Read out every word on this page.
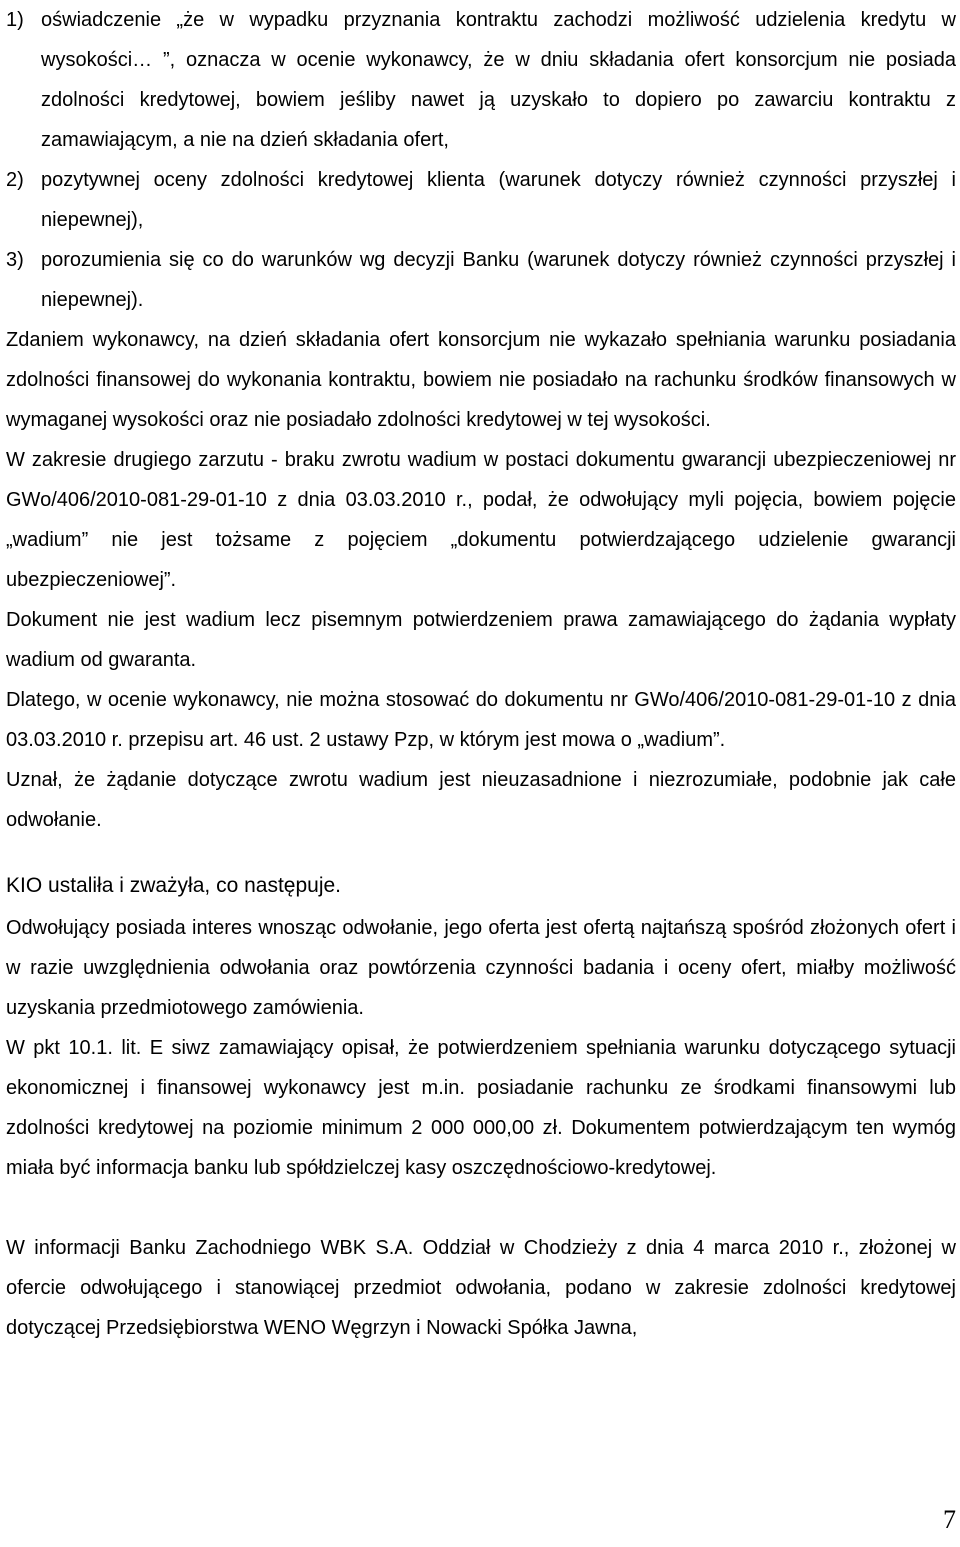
1) oświadczenie „że w wypadku przyznania kontraktu zachodzi możliwość udzielenia kredytu w wysokości… ”, oznacza w ocenie wykonawcy, że w dniu składania ofert konsorcjum nie posiada zdolności kredytowej, bowiem jeśliby nawet ją uzyskało to dopiero po zawarciu kontraktu z zamawiającym, a nie na dzień składania ofert,
2) pozytywnej oceny zdolności kredytowej klienta (warunek dotyczy również czynności przyszłej i niepewnej),
3) porozumienia się co do warunków wg decyzji Banku (warunek dotyczy również czynności przyszłej i niepewnej).

Zdaniem wykonawcy, na dzień składania ofert konsorcjum nie wykazało spełniania warunku posiadania zdolności finansowej do wykonania kontraktu, bowiem nie posiadało na rachunku środków finansowych w wymaganej wysokości oraz nie posiadało zdolności kredytowej w tej wysokości.

W zakresie drugiego zarzutu - braku zwrotu wadium w postaci dokumentu gwarancji ubezpieczeniowej nr GWo/406/2010-081-29-01-10 z dnia 03.03.2010 r., podał, że odwołujący myli pojęcia, bowiem pojęcie „wadium” nie jest tożsame z pojęciem „dokumentu potwierdzającego udzielenie gwarancji ubezpieczeniowej”.

Dokument nie jest wadium lecz pisemnym potwierdzeniem prawa zamawiającego do żądania wypłaty wadium od gwaranta.

Dlatego, w ocenie wykonawcy, nie można stosować do dokumentu nr GWo/406/2010-081-29-01-10 z dnia 03.03.2010 r. przepisu art. 46 ust. 2 ustawy Pzp, w którym jest mowa o „wadium”.

Uznał, że żądanie dotyczące zwrotu wadium jest nieuzasadnione i niezrozumiałe, podobnie jak całe odwołanie.

KIO ustaliła i zważyła, co następuje.

Odwołujący posiada interes wnosząc odwołanie, jego oferta jest ofertą najtańszą spośród złożonych ofert i w razie uwzględnienia odwołania oraz powtórzenia czynności badania i oceny ofert, miałby możliwość uzyskania przedmiotowego zamówienia.

W pkt 10.1. lit. E siwz zamawiający opisał, że potwierdzeniem spełniania warunku dotyczącego sytuacji ekonomicznej i finansowej wykonawcy jest m.in. posiadanie rachunku ze środkami finansowymi lub zdolności kredytowej na poziomie minimum 2 000 000,00 zł. Dokumentem potwierdzającym ten wymóg miała być informacja banku lub spółdzielczej kasy oszczędnościowo-kredytowej.

W informacji Banku Zachodniego WBK S.A. Oddział w Chodzieży z dnia 4 marca 2010 r., złożonej w ofercie odwołującego i stanowiącej przedmiot odwołania, podano w zakresie zdolności kredytowej dotyczącej Przedsiębiorstwa WENO Węgrzyn i Nowacki Spółka Jawna,

7
